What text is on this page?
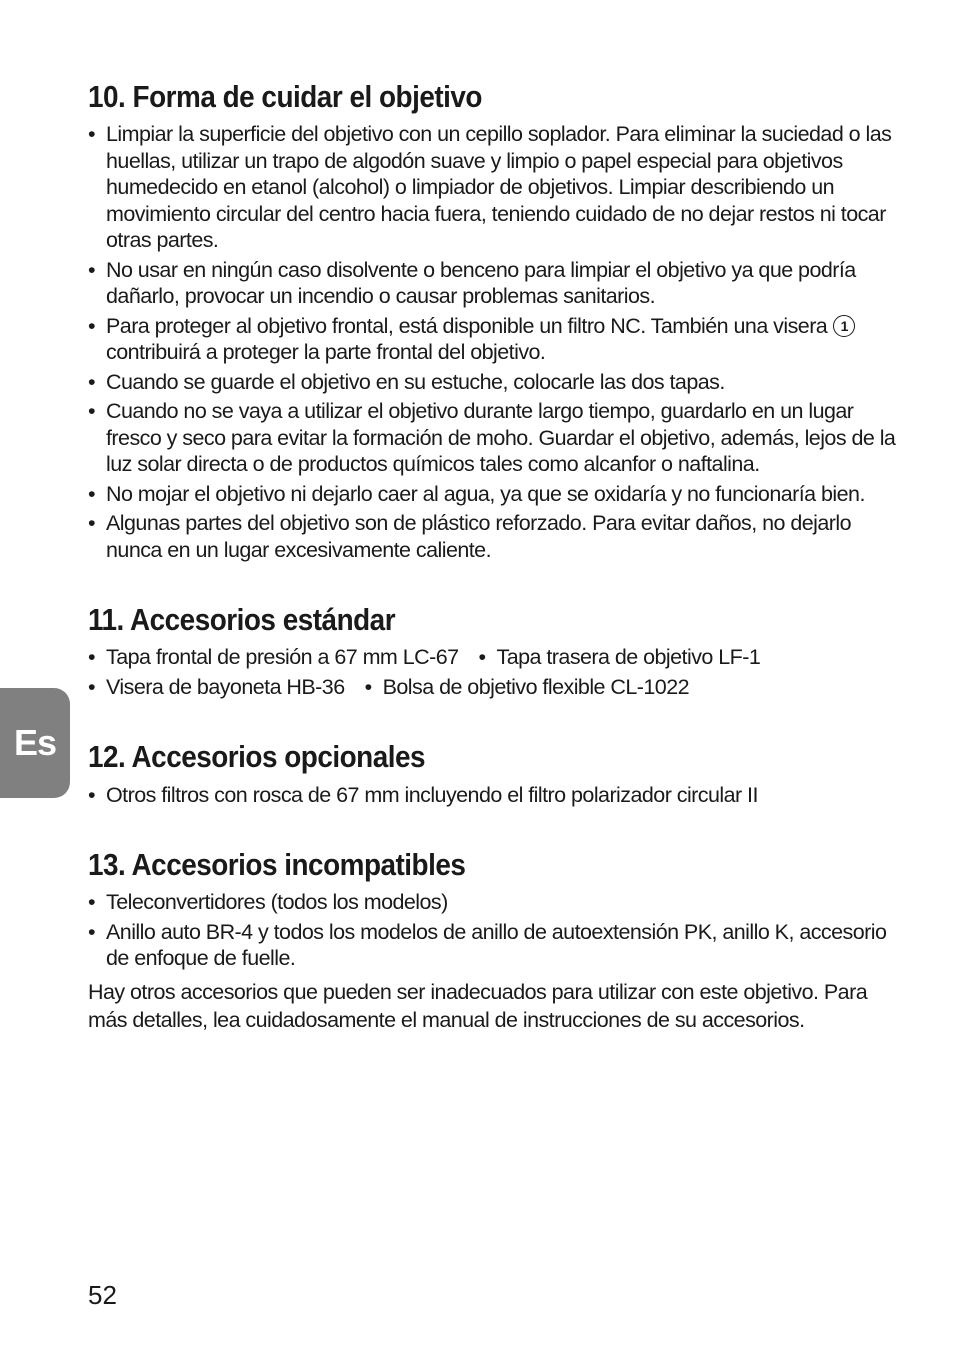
Es
10. Forma de cuidar el objetivo
• Limpiar la superficie del objetivo con un cepillo soplador. Para eliminar la suciedad o las huellas, utilizar un trapo de algodón suave y limpio o papel especial para objetivos humedecido en etanol (alcohol) o limpiador de objetivos. Limpiar describiendo un movimiento circular del centro hacia fuera, teniendo cuidado de no dejar restos ni tocar otras partes.
• No usar en ningún caso disolvente o benceno para limpiar el objetivo ya que podría dañarlo, provocar un incendio o causar problemas sanitarios.
• Para proteger al objetivo frontal, está disponible un filtro NC. También una visera 1
contribuirá a proteger la parte frontal del objetivo.
• Cuando se guarde el objetivo en su estuche, colocarle las dos tapas.
• Cuando no se vaya a utilizar el objetivo durante largo tiempo, guardarlo en un lugar fresco y seco para evitar la formación de moho. Guardar el objetivo, además, lejos de la luz solar directa o de productos químicos tales como alcanfor o naftalina.
• No mojar el objetivo ni dejarlo caer al agua, ya que se oxidaría y no funcionaría bien.
• Algunas partes del objetivo son de plástico reforzado. Para evitar daños, no dejarlo nunca en un lugar excesivamente caliente.
11. Accesorios estándar
• Tapa frontal de presión a 67 mm LC-67 • Tapa trasera de objetivo LF-1
• Visera de bayoneta HB-36 • Bolsa de objetivo flexible CL-1022
12. Accesorios opcionales
• Otros filtros con rosca de 67 mm incluyendo el filtro polarizador circular II
13. Accesorios incompatibles
• Teleconvertidores (todos los modelos)
• Anillo auto BR-4 y todos los modelos de anillo de autoextensión PK, anillo K, accesorio de enfoque de fuelle.

Hay otros accesorios que pueden ser inadecuados para utilizar con este objetivo. Para más detalles, lea cuidadosamente el manual de instrucciones de su accesorios.

52
